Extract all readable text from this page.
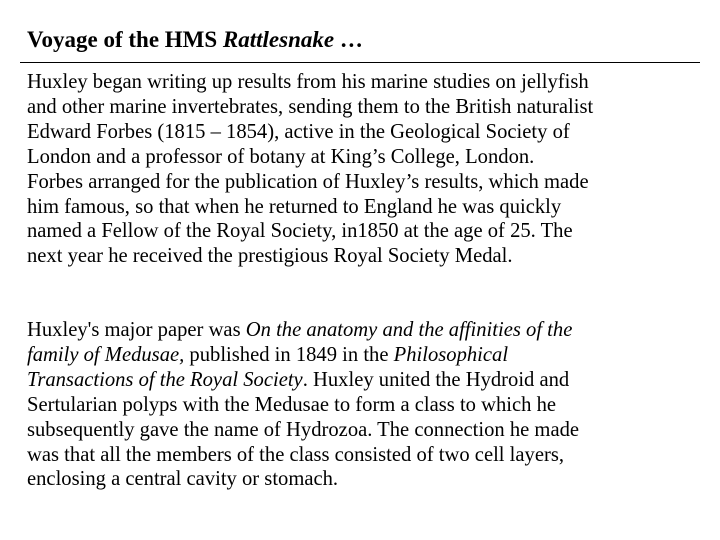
Voyage of the HMS Rattlesnake …
Huxley began writing up results from his marine studies on jellyfish
and other marine invertebrates, sending them to the British naturalist
Edward Forbes (1815 – 1854), active in the Geological Society of
London and a professor of botany at King’s College, London.
Forbes arranged for the publication of Huxley’s results, which made
him famous, so that when he returned to England he was quickly
named a Fellow of the Royal Society, in1850 at the age of 25. The
next year he received the prestigious Royal Society Medal.
Huxley's major paper was On the anatomy and the affinities of the
family of Medusae, published in 1849 in the Philosophical
Transactions of the Royal Society. Huxley united the Hydroid and
Sertularian polyps with the Medusae to form a class to which he
subsequently gave the name of Hydrozoa. The connection he made
was that all the members of the class consisted of two cell layers,
enclosing a central cavity or stomach.
